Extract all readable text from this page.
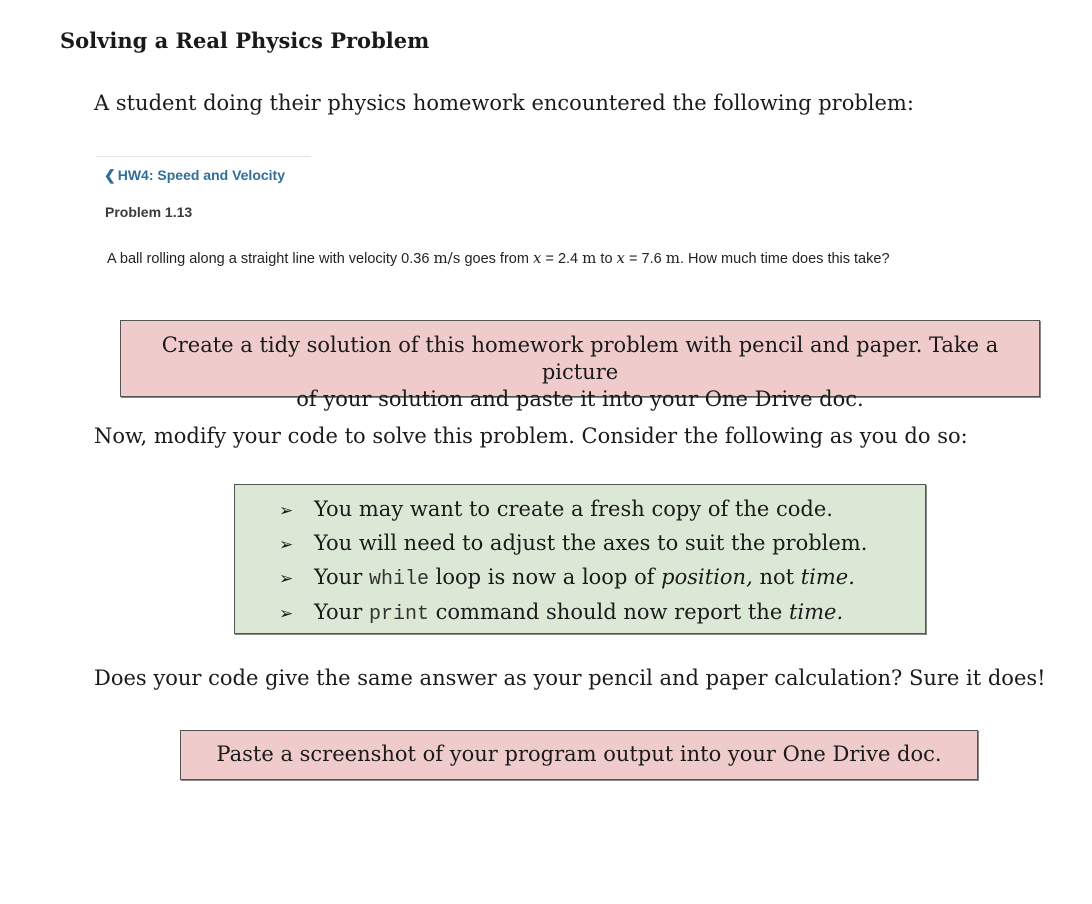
Solving a Real Physics Problem

A student doing their physics homework encountered the following problem:

❮ HW4: Speed and Velocity
Problem 1.13
A ball rolling along a straight line with velocity 0.36 m/s goes from x = 2.4 m to x = 7.6 m. How much time does this take?
Create a tidy solution of this homework problem with pencil and paper. Take a picture
of your solution and paste it into your One Drive doc.

Now, modify your code to solve this problem. Consider the following as you do so:

➢ You may want to create a fresh copy of the code.
➢ You will need to adjust the axes to suit the problem.
➢ Your while loop is now a loop of position, not time.
➢ Your print command should now report the time.

Does your code give the same answer as your pencil and paper calculation? Sure it does!

Paste a screenshot of your program output into your One Drive doc.
